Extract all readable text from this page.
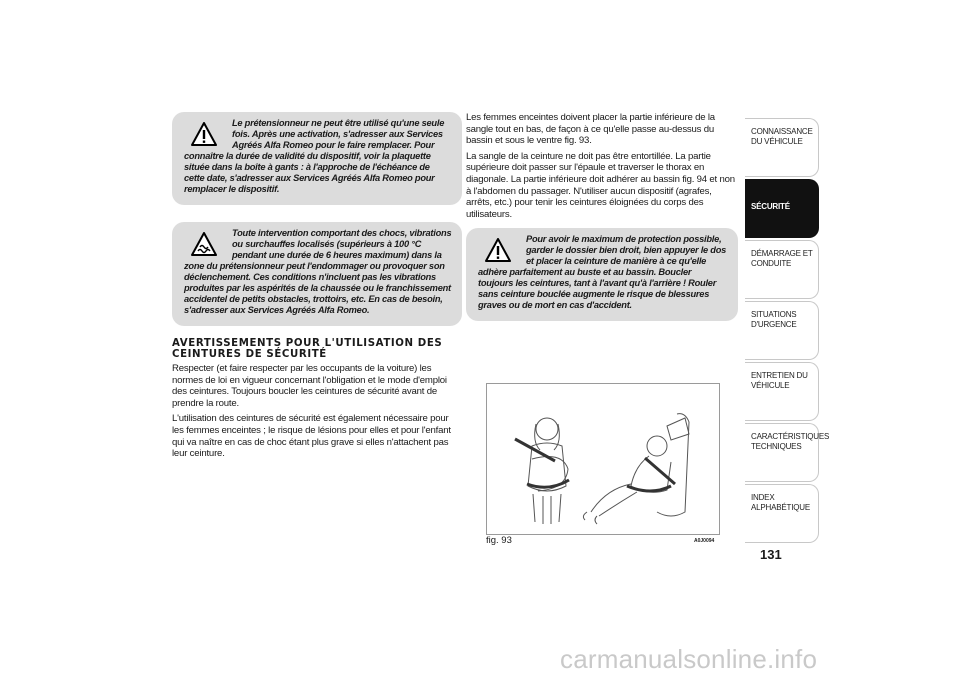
Le prétensionneur ne peut être utilisé qu'une seule fois. Après une activation, s'adresser aux Services Agréés Alfa Romeo pour le faire remplacer. Pour connaître la durée de validité du dispositif, voir la plaquette située dans la boîte à gants : à l'approche de l'échéance de cette date, s'adresser aux Services Agréés Alfa Romeo pour remplacer le dispositif.

Toute intervention comportant des chocs, vibrations ou surchauffes localisés (supérieurs à 100 °C pendant une durée de 6 heures maximum) dans la zone du prétensionneur peut l'endommager ou provoquer son déclenchement. Ces conditions n'incluent pas les vibrations produites par les aspérités de la chaussée ou le franchissement accidentel de petits obstacles, trottoirs, etc. En cas de besoin, s'adresser aux Services Agréés Alfa Romeo.

AVERTISSEMENTS POUR L'UTILISATION DES CEINTURES DE SÉCURITÉ

Respecter (et faire respecter par les occupants de la voiture) les normes de loi en vigueur concernant l'obligation et le mode d'emploi des ceintures. Toujours boucler les ceintures de sécurité avant de prendre la route.

L'utilisation des ceintures de sécurité est également nécessaire pour les femmes enceintes ; le risque de lésions pour elles et pour l'enfant qui va naître en cas de choc étant plus grave si elles n'attachent pas leur ceinture.

Les femmes enceintes doivent placer la partie inférieure de la sangle tout en bas, de façon à ce qu'elle passe au-dessus du bassin et sous le ventre fig. 93.

La sangle de la ceinture ne doit pas être entortillée. La partie supérieure doit passer sur l'épaule et traverser le thorax en diagonale. La partie inférieure doit adhérer au bassin fig. 94 et non à l'abdomen du passager. N'utiliser aucun dispositif (agrafes, arrêts, etc.) pour tenir les ceintures éloignées du corps des utilisateurs.

Pour avoir le maximum de protection possible, garder le dossier bien droit, bien appuyer le dos et placer la ceinture de manière à ce qu'elle adhère parfaitement au buste et au bassin. Boucler toujours les ceintures, tant à l'avant qu'à l'arrière ! Rouler sans ceinture bouclée augmente le risque de blessures graves ou de mort en cas d'accident.

fig. 93	A0J0094
CONNAISSANCE DU VÉHICULE
SÉCURITÉ
DÉMARRAGE ET CONDUITE
SITUATIONS D'URGENCE
ENTRETIEN DU VÉHICULE
CARACTÉRISTIQUES TECHNIQUES
INDEX ALPHABÉTIQUE
131
carmanualsonline.info
